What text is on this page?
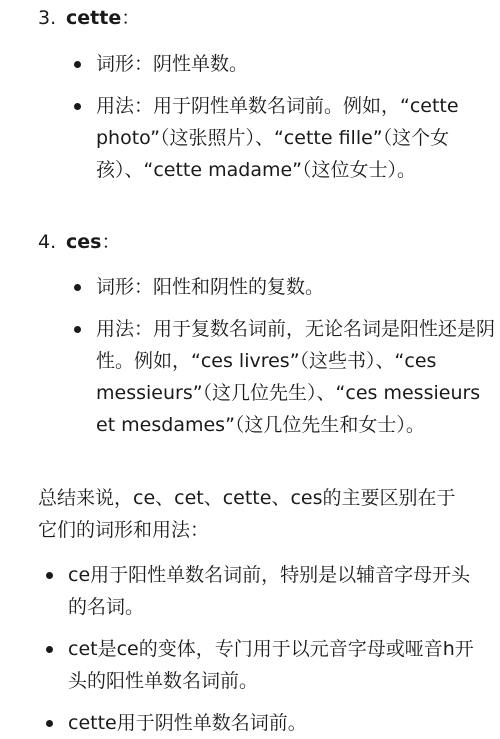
3. cette ：
词形：阴性单数。
用法：用于阴性单数名词前。例如，“cette photo”（这张照片）、“cette fille”（这个女孩）、“cette madame”（这位女士）。
4. ces ：
词形：阳性和阴性的复数。
用法：用于复数名词前，无论名词是阳性还是阴性。例如，“ces livres”（这些书）、“ces messieurs”（这几位先生）、“ces messieurs et mesdames”（这几位先生和女士）。

总结来说，ce、cet、cette、ces的主要区别在于它们的词形和用法：

ce用于阳性单数名词前，特别是以辅音字母开头的名词。
cet是ce的变体，专门用于以元音字母或哑音h开头的阳性单数名词前。
cette用于阴性单数名词前。
